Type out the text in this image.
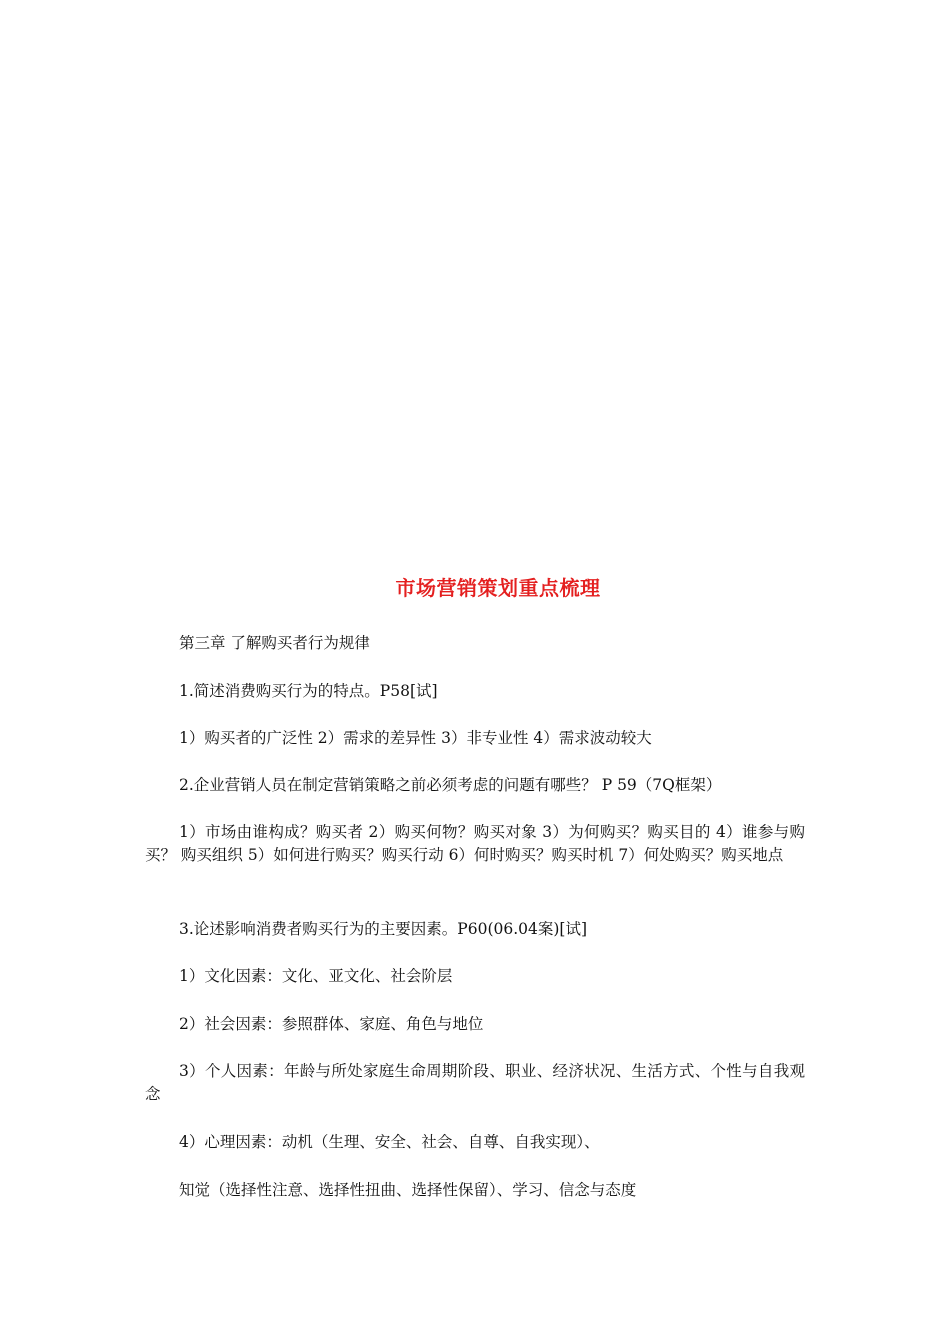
市场营销策划重点梳理
第三章 了解购买者行为规律
1.简述消费购买行为的特点。P58[试]
1）购买者的广泛性 2）需求的差异性 3）非专业性 4）需求波动较大
2.企业营销人员在制定营销策略之前必须考虑的问题有哪些？ P 59（7Q框架）
1）市场由谁构成？购买者 2）购买何物？购买对象 3）为何购买？购买目的 4）谁参与购买？ 购买组织 5）如何进行购买？购买行动 6）何时购买？购买时机 7）何处购买？购买地点
3.论述影响消费者购买行为的主要因素。P60(06.04案)[试]
1）文化因素：文化、亚文化、社会阶层
2）社会因素：参照群体、家庭、角色与地位
3）个人因素：年龄与所处家庭生命周期阶段、职业、经济状况、生活方式、个性与自我观念
4）心理因素：动机（生理、安全、社会、自尊、自我实现）、
知觉（选择性注意、选择性扭曲、选择性保留）、学习、信念与态度
